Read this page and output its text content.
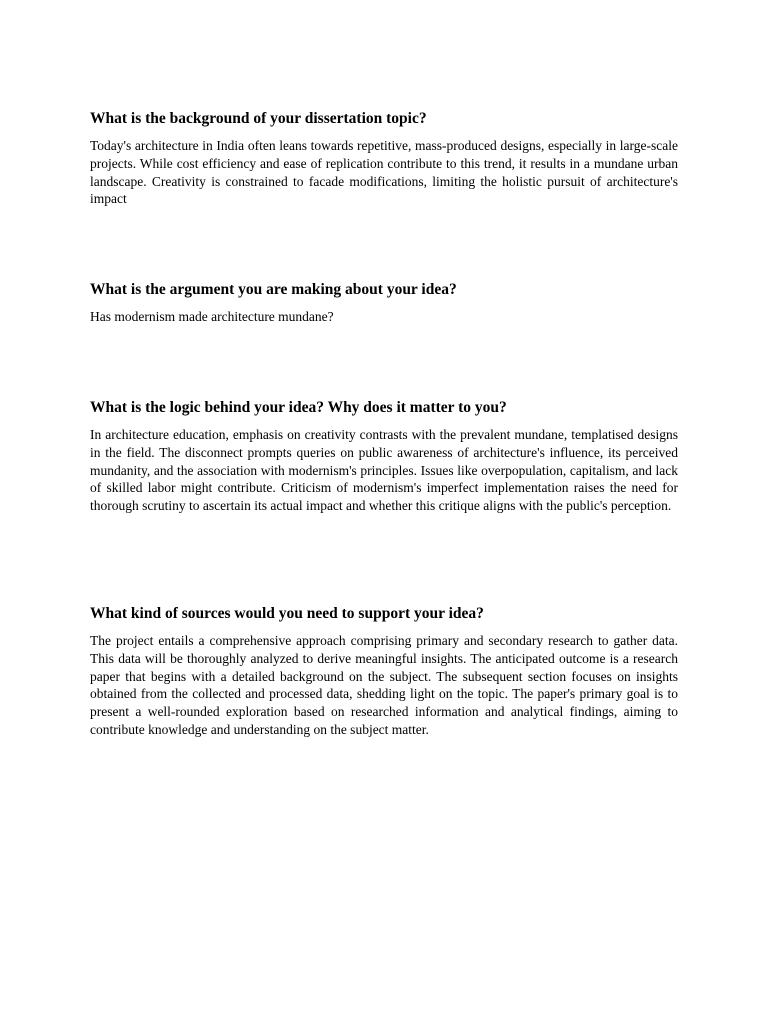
What is the background of your dissertation topic?

Today's architecture in India often leans towards repetitive, mass-produced designs, especially in large-scale projects. While cost efficiency and ease of replication contribute to this trend, it results in a mundane urban landscape. Creativity is constrained to facade modifications, limiting the holistic pursuit of architecture's impact

What is the argument you are making about your idea?

Has modernism made architecture mundane?

What is the logic behind your idea? Why does it matter to you?

In architecture education, emphasis on creativity contrasts with the prevalent mundane, templatised designs in the field. The disconnect prompts queries on public awareness of architecture's influence, its perceived mundanity, and the association with modernism's principles. Issues like overpopulation, capitalism, and lack of skilled labor might contribute. Criticism of modernism's imperfect implementation raises the need for thorough scrutiny to ascertain its actual impact and whether this critique aligns with the public's perception.

What kind of sources would you need to support your idea?

The project entails a comprehensive approach comprising primary and secondary research to gather data. This data will be thoroughly analyzed to derive meaningful insights. The anticipated outcome is a research paper that begins with a detailed background on the subject. The subsequent section focuses on insights obtained from the collected and processed data, shedding light on the topic. The paper's primary goal is to present a well-rounded exploration based on researched information and analytical findings, aiming to contribute knowledge and understanding on the subject matter.
